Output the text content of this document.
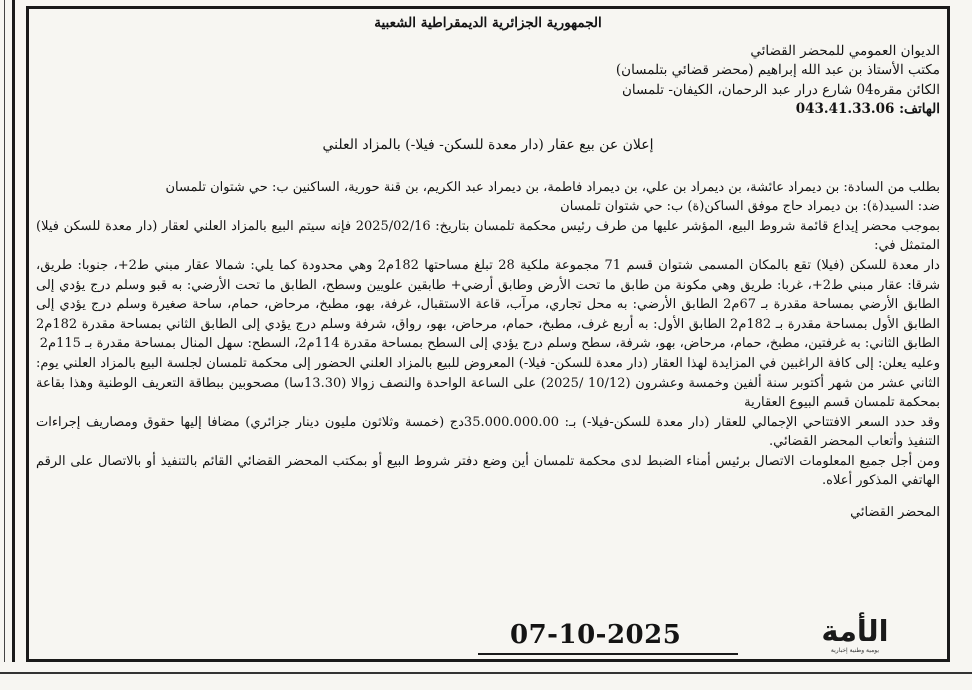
الجمهورية الجزائرية الديمقراطية الشعبية
الديوان العمومي للمحضر القضائي
مكتب الأستاذ بن عبد الله إبراهيم (محضر قضائي بتلمسان)
الكائن مقره04 شارع درار عبد الرحمان، الكيفان- تلمسان
الهاتف: 043.41.33.06
إعلان عن بيع عقار (دار معدة للسكن- فيلا-) بالمزاد العلني

بطلب من السادة: بن ديمراد عائشة، بن ديمراد بن علي، بن ديمراد فاطمة، بن ديمراد عبد الكريم، بن قنة حورية، الساكنين ب: حي شتوان تلمسان

ضد: السيد(ة): بن ديمراد حاج موفق الساكن(ة) ب: حي شتوان تلمسان

بموجب محضر إيداع قائمة شروط البيع، المؤشر عليها من طرف رئيس محكمة تلمسان بتاريخ: 2025/02/16 فإنه سيتم البيع بالمزاد العلني لعقار (دار معدة للسكن فيلا) المتمثل في:

دار معدة للسكن (فيلا) تقع بالمكان المسمى شتوان قسم 71 مجموعة ملكية 28 تبلغ مساحتها 182م2 وهي محدودة كما يلي: شمالا عقار مبني ط2+، جنوبا: طريق، شرقا: عقار مبني ط2+، غربا: طريق وهي مكونة من طابق ما تحت الأرض وطابق أرضي+ طابقين علويين وسطح، الطابق ما تحت الأرضي: به قبو وسلم درج يؤدي إلى الطابق الأرضي بمساحة مقدرة بـ 67م2 الطابق الأرضي: به محل تجاري، مرآب، قاعة الاستقبال، غرفة، بهو، مطبخ، مرحاض، حمام، ساحة صغيرة وسلم درج يؤدي إلى الطابق الأول بمساحة مقدرة بـ 182م2 الطابق الأول: به أربع غرف، مطبخ، حمام، مرحاض، بهو، رواق، شرفة وسلم درج يؤدي إلى الطابق الثاني بمساحة مقدرة 182م2 الطابق الثاني: به غرفتين، مطبخ، حمام، مرحاض، بهو، شرفة، سطح وسلم درج يؤدي إلى السطح بمساحة مقدرة 114م2، السطح: سهل المنال بمساحة مقدرة بـ 115م2

وعليه يعلن: إلى كافة الراغبين في المزايدة لهذا العقار (دار معدة للسكن- فيلا-) المعروض للبيع بالمزاد العلني الحضور إلى محكمة تلمسان لجلسة البيع بالمزاد العلني يوم: الثاني عشر من شهر أكتوبر سنة ألفين وخمسة وعشرون (10/12 /2025) على الساعة الواحدة والنصف زوالا (13.30سا) مصحوبين ببطاقة التعريف الوطنية وهذا بقاعة بمحكمة تلمسان قسم البيوع العقارية

وقد حدد السعر الافتتاحي الإجمالي للعقار (دار معدة للسكن-فيلا-) بـ: 35.000.000.00دج (خمسة وثلاثون مليون دينار جزائري) مضافا إليها حقوق ومصاريف إجراءات التنفيذ وأتعاب المحضر القضائي.

ومن أجل جميع المعلومات الاتصال برئيس أمناء الضبط لدى محكمة تلمسان أين وضع دفتر شروط البيع أو بمكتب المحضر القضائي القائم بالتنفيذ أو بالاتصال على الرقم الهاتفي المذكور أعلاه.

المحضر القضائي
07-10-2025	الأمة
يومية وطنية إخبارية
